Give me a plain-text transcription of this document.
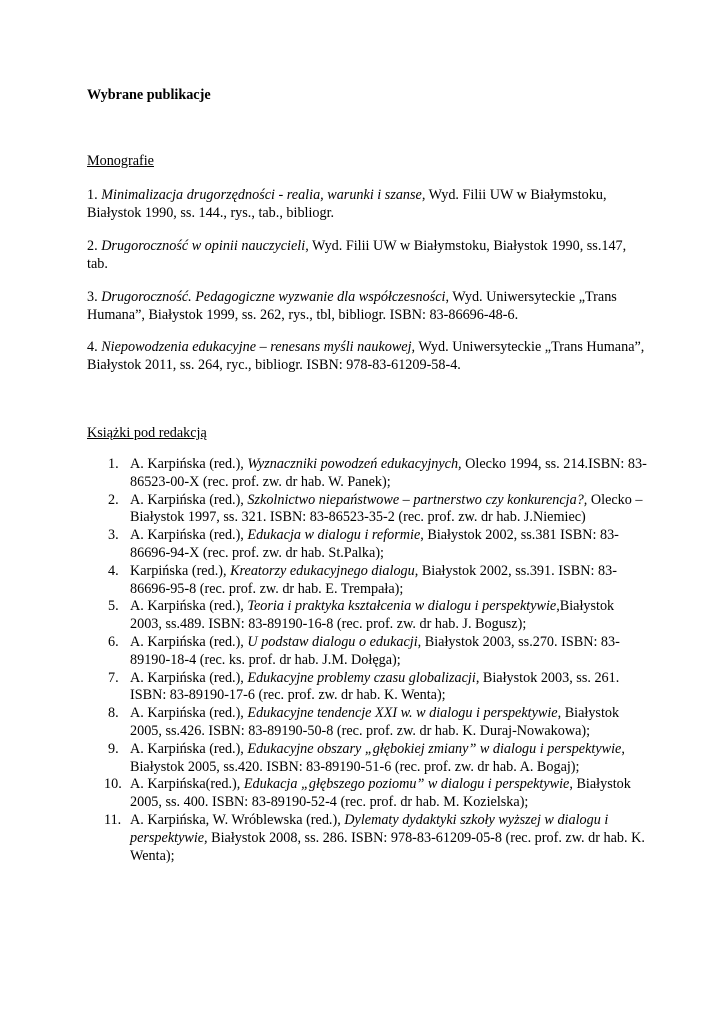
Wybrane publikacje

Monografie

1. Minimalizacja drugorzędności - realia, warunki i szanse, Wyd. Filii UW w Białymstoku, Białystok 1990, ss. 144., rys., tab., bibliogr.

2. Drugoroczność w opinii nauczycieli, Wyd. Filii UW w Białymstoku, Białystok 1990, ss.147, tab.

3. Drugoroczność. Pedagogiczne wyzwanie dla współczesności, Wyd. Uniwersyteckie „Trans Humana”, Białystok 1999, ss. 262, rys., tbl, bibliogr. ISBN: 83-86696-48-6.

4. Niepowodzenia edukacyjne – renesans myśli naukowej, Wyd. Uniwersyteckie „Trans Humana”, Białystok 2011, ss. 264, ryc., bibliogr. ISBN: 978-83-61209-58-4.

Książki pod redakcją

1. A. Karpińska (red.), Wyznaczniki powodzeń edukacyjnych, Olecko 1994, ss. 214.ISBN: 83-86523-00-X (rec. prof. zw. dr hab. W. Panek);
2. A. Karpińska (red.), Szkolnictwo niepaństwowe – partnerstwo czy konkurencja?, Olecko – Białystok 1997, ss. 321. ISBN: 83-86523-35-2 (rec. prof. zw. dr hab. J.Niemiec)
3. A. Karpińska (red.), Edukacja w dialogu i reformie, Białystok 2002, ss.381 ISBN: 83-86696-94-X (rec. prof. zw. dr hab. St.Palka);
4. Karpińska (red.), Kreatorzy edukacyjnego dialogu, Białystok 2002, ss.391. ISBN: 83-86696-95-8 (rec. prof. zw. dr hab. E. Trempała);
5. A. Karpińska (red.), Teoria i praktyka kształcenia w dialogu i perspektywie,Białystok 2003, ss.489. ISBN: 83-89190-16-8 (rec. prof. zw. dr hab. J. Bogusz);
6. A. Karpińska (red.), U podstaw dialogu o edukacji, Białystok 2003, ss.270. ISBN: 83-89190-18-4 (rec. ks. prof. dr hab. J.M. Dołęga);
7. A. Karpińska (red.), Edukacyjne problemy czasu globalizacji, Białystok 2003, ss. 261. ISBN: 83-89190-17-6 (rec. prof. zw. dr hab. K. Wenta);
8. A. Karpińska (red.), Edukacyjne tendencje XXI w. w dialogu i perspektywie, Białystok 2005, ss.426. ISBN: 83-89190-50-8 (rec. prof. zw. dr hab. K. Duraj-Nowakowa);
9. A. Karpińska (red.), Edukacyjne obszary „głębokiej zmiany” w dialogu i perspektywie, Białystok 2005, ss.420. ISBN: 83-89190-51-6 (rec. prof. zw. dr hab. A. Bogaj);
10. A. Karpińska(red.), Edukacja „głębszego poziomu” w dialogu i perspektywie, Białystok 2005, ss. 400. ISBN: 83-89190-52-4 (rec. prof. dr hab. M. Kozielska);
11. A. Karpińska, W. Wróblewska (red.), Dylematy dydaktyki szkoły wyższej w dialogu i perspektywie, Białystok 2008, ss. 286. ISBN: 978-83-61209-05-8 (rec. prof. zw. dr hab. K. Wenta);
